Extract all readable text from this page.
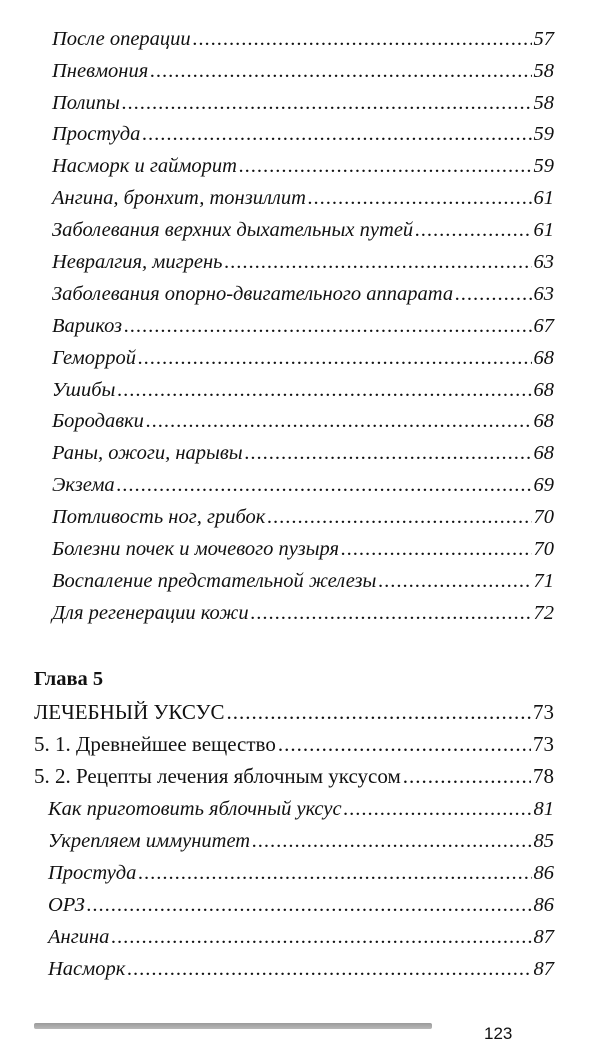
После операции .....	57
Пневмония .....	58
Полипы .....	58
Простуда .....	59
Насморк и гайморит .....	59
Ангина, бронхит, тонзиллит .....	61
Заболевания верхних дыхательных путей .....	61
Невралгия, мигрень .....	63
Заболевания опорно-двигательного аппарата .....	63
Варикоз .....	67
Геморрой .....	68
Ушибы .....	68
Бородавки .....	68
Раны, ожоги, нарывы .....	68
Экзема .....	69
Потливость ног, грибок .....	70
Болезни почек и мочевого пузыря .....	70
Воспаление предстательной железы .....	71
Для регенерации кожи .....	72
Глава 5
ЛЕЧЕБНЫЙ УКСУС .....	73
5. 1. Древнейшее вещество .....	73
5. 2. Рецепты лечения яблочным уксусом .....	78
Как приготовить яблочный уксус .....	81
Укрепляем иммунитет .....	85
Простуда .....	86
ОРЗ .....	86
Ангина .....	87
Насморк .....	87
123
